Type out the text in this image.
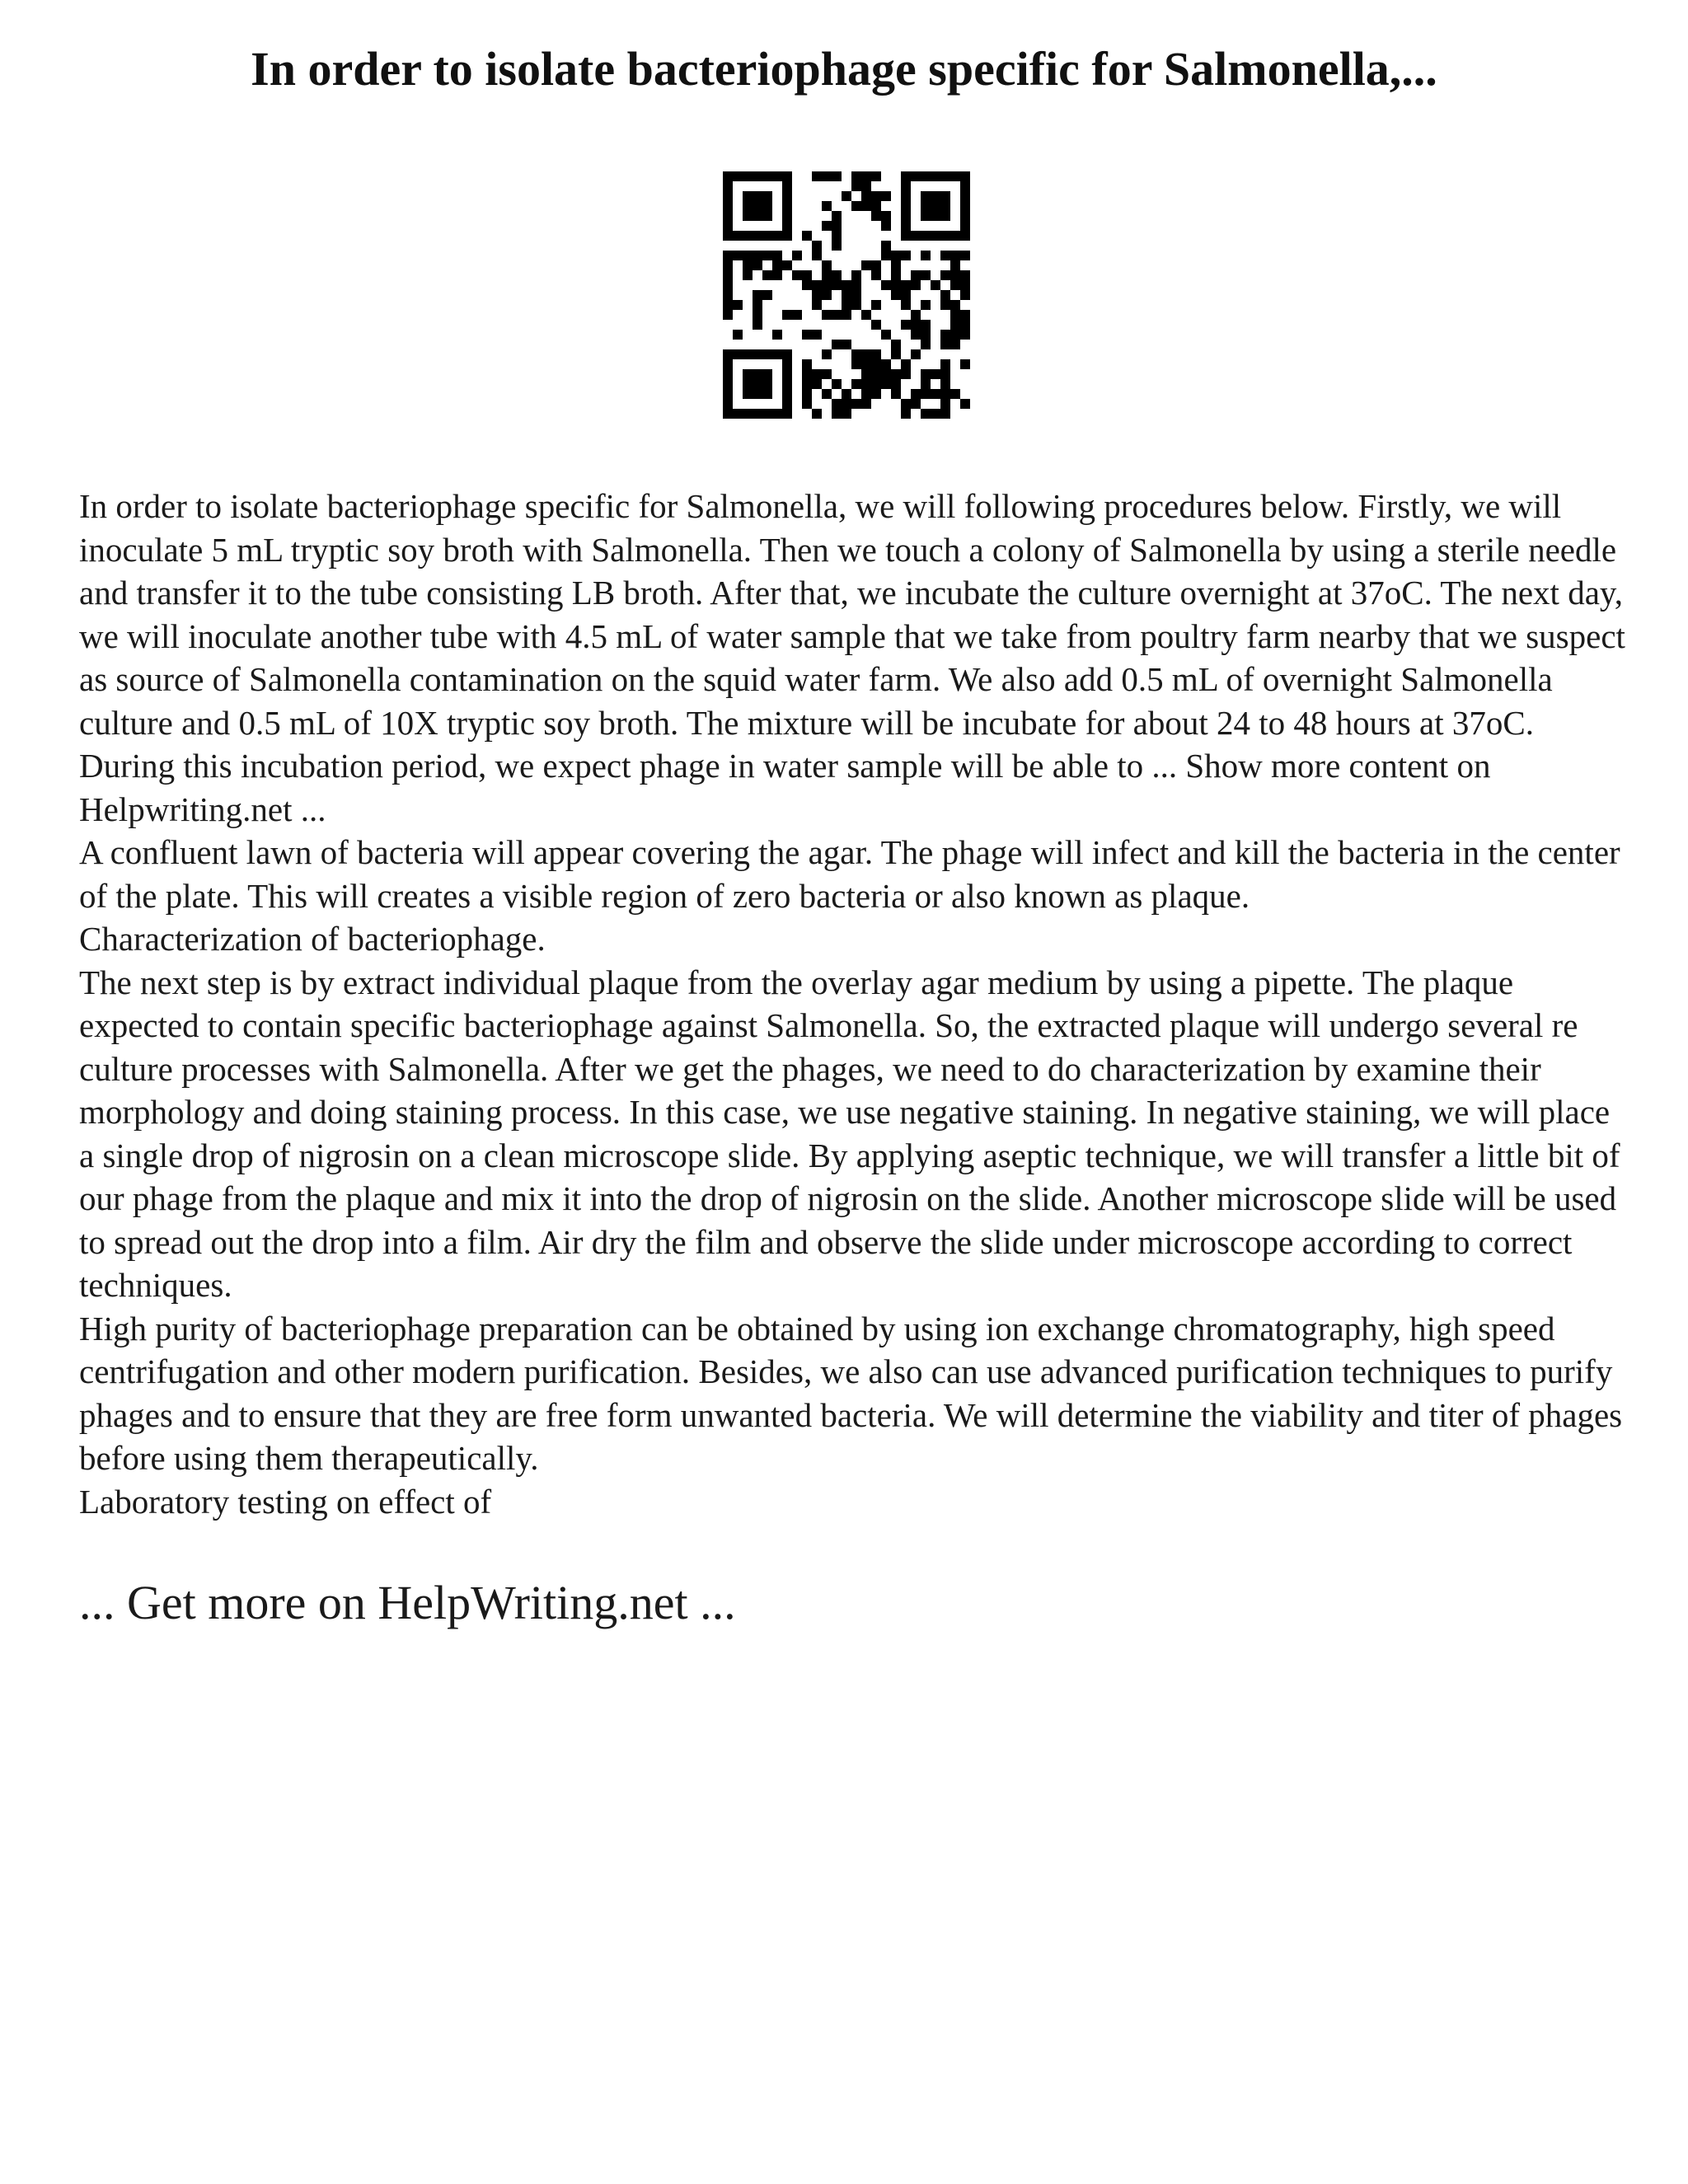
In order to isolate bacteriophage specific for Salmonella,...

In order to isolate bacteriophage specific for Salmonella, we will following procedures below. Firstly, we will inoculate 5 mL tryptic soy broth with Salmonella. Then we touch a colony of Salmonella by using a sterile needle and transfer it to the tube consisting LB broth. After that, we incubate the culture overnight at 37oC. The next day, we will inoculate another tube with 4.5 mL of water sample that we take from poultry farm nearby that we suspect as source of Salmonella contamination on the squid water farm. We also add 0.5 mL of overnight Salmonella culture and 0.5 mL of 10X tryptic soy broth. The mixture will be incubate for about 24 to 48 hours at 37oC. During this incubation period, we expect phage in water sample will be able to ... Show more content on Helpwriting.net ...

A confluent lawn of bacteria will appear covering the agar. The phage will infect and kill the bacteria in the center of the plate. This will creates a visible region of zero bacteria or also known as plaque.

Characterization of bacteriophage.

The next step is by extract individual plaque from the overlay agar medium by using a pipette. The plaque expected to contain specific bacteriophage against Salmonella. So, the extracted plaque will undergo several re culture processes with Salmonella. After we get the phages, we need to do characterization by examine their morphology and doing staining process. In this case, we use negative staining. In negative staining, we will place a single drop of nigrosin on a clean microscope slide. By applying aseptic technique, we will transfer a little bit of our phage from the plaque and mix it into the drop of nigrosin on the slide. Another microscope slide will be used to spread out the drop into a film. Air dry the film and observe the slide under microscope according to correct techniques.

High purity of bacteriophage preparation can be obtained by using ion exchange chromatography, high speed centrifugation and other modern purification. Besides, we also can use advanced purification techniques to purify phages and to ensure that they are free form unwanted bacteria. We will determine the viability and titer of phages before using them therapeutically.

Laboratory testing on effect of

... Get more on HelpWriting.net ...
